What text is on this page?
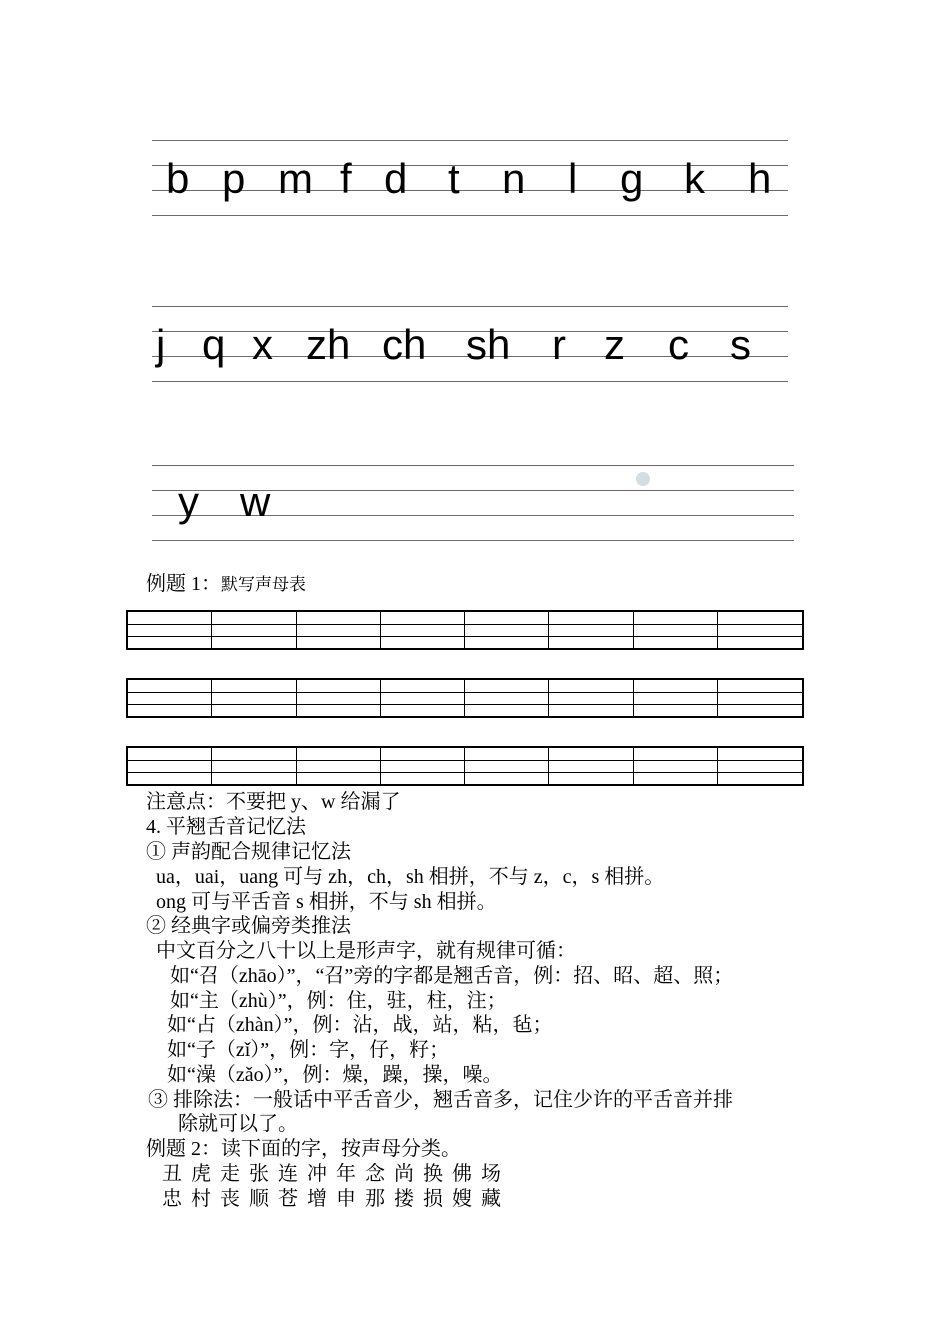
b p m f d t n l g k h
j q x zh ch sh r z c s
y w
例题 1：默写声母表
注意点：不要把 y、w 给漏了
4. 平翘舌音记忆法
① 声韵配合规律记忆法
ua，uai，uang 可与 zh，ch，sh 相拼，不与 z，c，s 相拼。
ong 可与平舌音 s 相拼，不与 sh 相拼。
② 经典字或偏旁类推法
中文百分之八十以上是形声字，就有规律可循：
如“召（zhāo）”，“召”旁的字都是翘舌音，例：招、昭、超、照；
如“主（zhù）”，例：住，驻，柱，注；
如“占（zhàn）”，例：沾，战，站，粘，毡；
如“子（zǐ）”，例：字，仔，籽；
如“澡（zǎo）”，例：燥，躁，操，噪。
③ 排除法：一般话中平舌音少，翘舌音多，记住少许的平舌音并排
除就可以了。
例题 2：读下面的字，按声母分类。
丑虎走张连冲年念尚换佛场
忠村丧顺苍增申那搂损嫂藏
